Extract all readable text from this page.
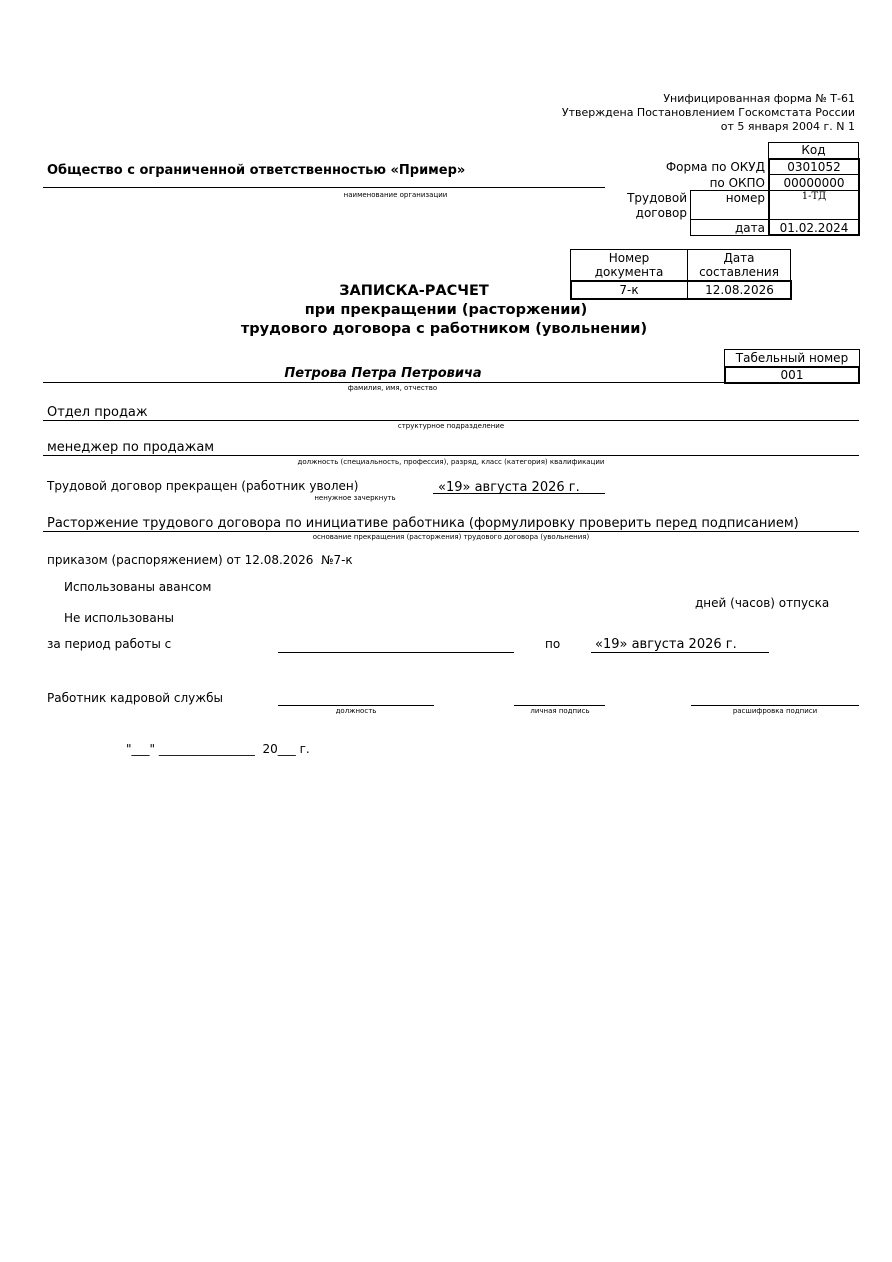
Унифицированная форма № Т-61
Утверждена Постановлением Госкомстата России
от 5 января 2004 г. N 1
Код
Форма по ОКУД	0301052
по ОКПО	00000000
Трудовой
договор
номер	1-ТД
дата	01.02.2024
Общество с ограниченной ответственностью «Пример»
наименование организации
Номер
документа
Дата
составления
7-к	12.08.2026
ЗАПИСКА-РАСЧЕТ
при прекращении (расторжении)
трудового договора с работником (увольнении)
Табельный номер
001
Петрова Петра Петровича
фамилия, имя, отчество
Отдел продаж
структурное подразделение
менеджер по продажам
должность (специальность, профессия), разряд, класс (категория) квалификации
Трудовой договор прекращен (работник уволен)
ненужное зачеркнуть
«19» августа 2026 г.
Расторжение трудового договора по инициативе работника (формулировку проверить перед подписанием)
основание прекращения (расторжения) трудового договора (увольнения)
приказом (распоряжением) от 12.08.2026  №7-к
Использованы авансом
дней (часов) отпуска
Не использованы
за период работы с	по	«19» августа 2026 г.
Работник кадровой службы
должность	личная подпись	расшифровка подписи
"___" ________________  20___ г.
